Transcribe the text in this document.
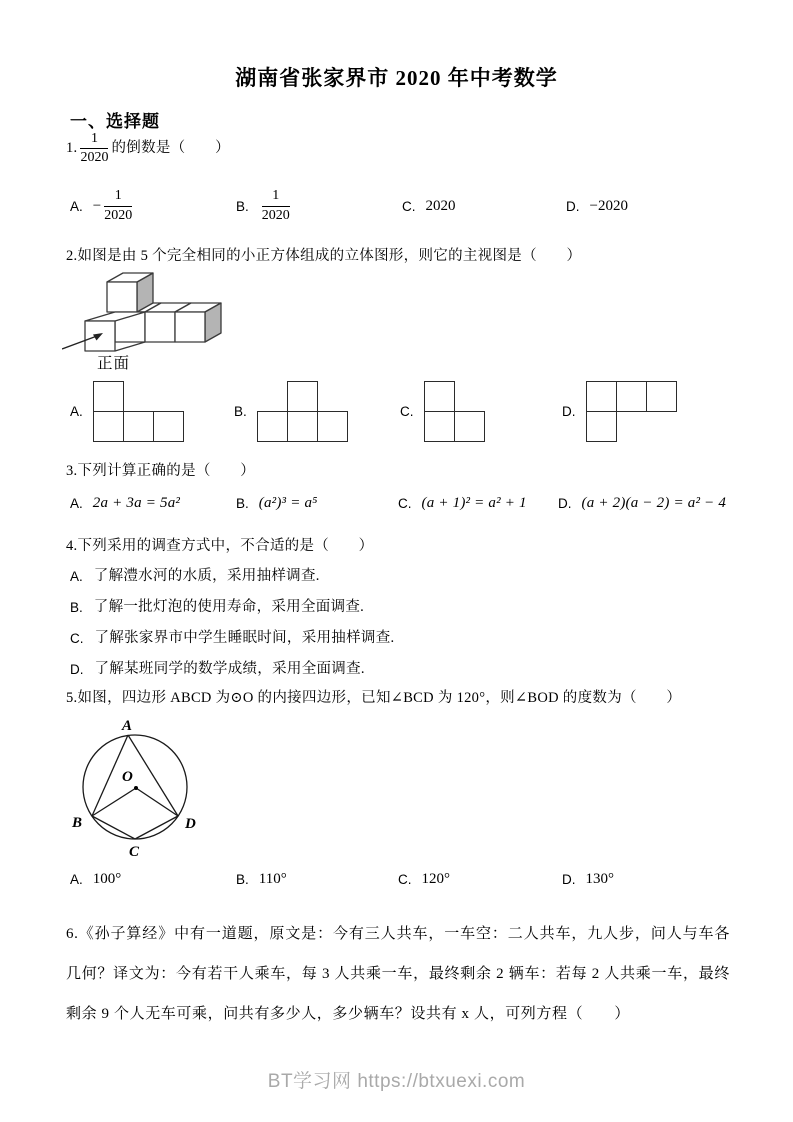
湖南省张家界市 2020 年中考数学
一、选择题
1. $\frac{1}{2020}$ 的倒数是（　　）
A. − $\frac{1}{2020}$	B. $\frac{1}{2020}$	C. 2020	D. −2020
2.如图是由 5 个完全相同的小正方体组成的立体图形，则它的主视图是（　　）
正面
A.	B.	C.	D.
3.下列计算正确的是（　　）
A. 2a + 3a = 5a²	B. (a²)³ = a⁵	C. (a + 1)² = a² + 1 D. (a + 2)(a − 2) = a² − 4
4.下列采用的调查方式中，不合适的是（　　）
A. 了解澧水河的水质，采用抽样调查.
B. 了解一批灯泡的使用寿命，采用全面调查.
C. 了解张家界市中学生睡眠时间，采用抽样调查.
D. 了解某班同学的数学成绩，采用全面调查.
5.如图，四边形 ABCD 为⊙O 的内接四边形，已知∠BCD 为 120°，则∠BOD 的度数为（　　）
A
O
B
C
D
A. 100°	B. 110°	C. 120°	D. 130°
6.《孙子算经》中有一道题，原文是：今有三人共车，一车空：二人共车，九人步，问人与车各几何？译文为：今有若干人乘车，每 3 人共乘一车，最终剩余 2 辆车：若每 2 人共乘一车，最终剩余 9 个人无车可乘，问共有多少人，多少辆车？设共有 x 人，可列方程（　　）
BT学习网 https://btxuexi.com
